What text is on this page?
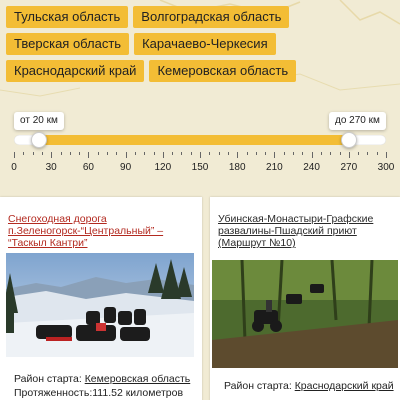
Тульская область	Волгоградская область
Тверская область	Карачаево-Черкесия
Краснодарский край	Кемеровская область
от 20 км	до 270 км
0	30	60	90 120 150 180 210 240 270 300
Снегоходная дорога п.Зеленогорск-“Центральный” – “Таскыл Кантри”
Район старта: Кемеровская область
Протяженность:111.52 километров
Убинская-Монастыри-Графские развалины-Пшадский приют (Маршрут №10)
Район старта: Краснодарский край
